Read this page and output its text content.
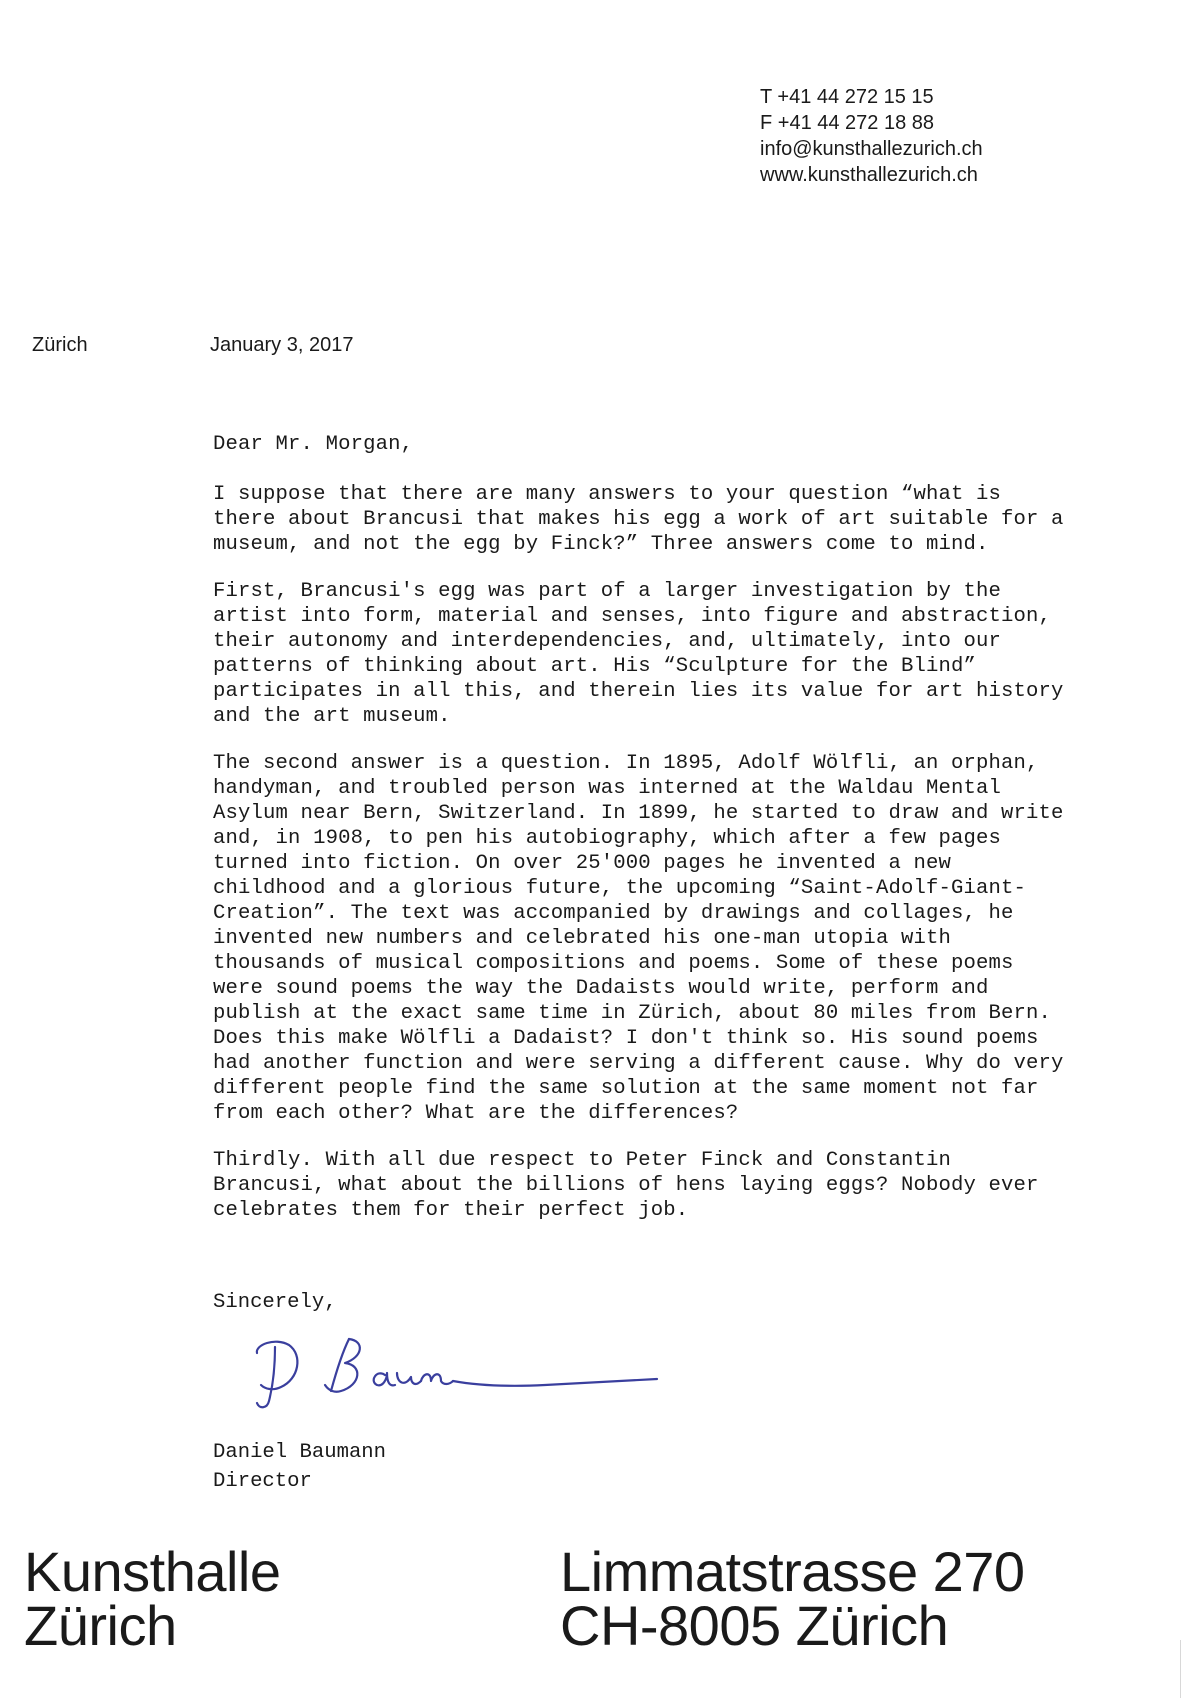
T +41 44 272 15 15
F +41 44 272 18 88
info@kunsthallezurich.ch
www.kunsthallezurich.ch
Zürich	January 3, 2017

Dear Mr. Morgan,

I suppose that there are many answers to your question “what is

there about Brancusi that makes his egg a work of art suitable for a

museum, and not the egg by Finck?” Three answers come to mind.

First, Brancusi's egg was part of a larger investigation by the

artist into form, material and senses, into figure and abstraction,

their autonomy and interdependencies, and, ultimately, into our

patterns of thinking about art. His “Sculpture for the Blind”

participates in all this, and therein lies its value for art history

and the art museum.

The second answer is a question. In 1895, Adolf Wölfli, an orphan,

handyman, and troubled person was interned at the Waldau Mental

Asylum near Bern, Switzerland. In 1899, he started to draw and write

and, in 1908, to pen his autobiography, which after a few pages

turned into fiction. On over 25'000 pages he invented a new

childhood and a glorious future, the upcoming “Saint-Adolf-Giant-

Creation”. The text was accompanied by drawings and collages, he

invented new numbers and celebrated his one-man utopia with

thousands of musical compositions and poems. Some of these poems

were sound poems the way the Dadaists would write, perform and

publish at the exact same time in Zürich, about 80 miles from Bern.

Does this make Wölfli a Dadaist? I don't think so. His sound poems

had another function and were serving a different cause. Why do very

different people find the same solution at the same moment not far

from each other? What are the differences?

Thirdly. With all due respect to Peter Finck and Constantin

Brancusi, what about the billions of hens laying eggs? Nobody ever

celebrates them for their perfect job.

Sincerely,
Daniel Baumann
Director
Kunsthalle
Zürich
Limmatstrasse 270
CH-8005 Zürich
